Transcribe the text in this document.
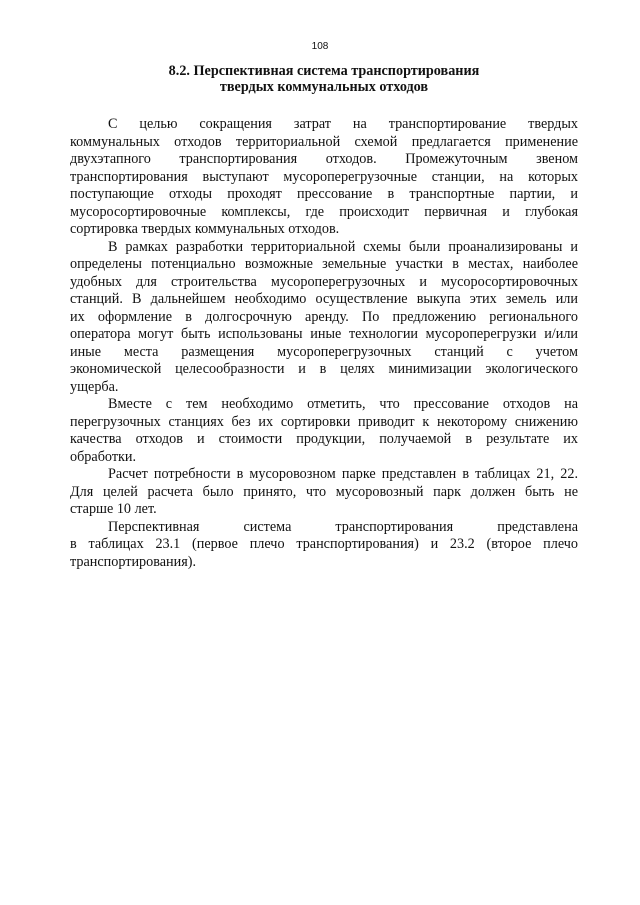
108
8.2. Перспективная система транспортирования
твердых коммунальных отходов
С целью сокращения затрат на транспортирование твердых
коммунальных отходов территориальной схемой предлагается применение
двухэтапного транспортирования отходов. Промежуточным звеном
транспортирования выступают мусороперегрузочные станции, на которых
поступающие отходы проходят прессование в транспортные партии, и
мусоросортировочные комплексы, где происходит первичная и глубокая
сортировка твердых коммунальных отходов.
В рамках разработки территориальной схемы были проанализированы и
определены потенциально возможные земельные участки в местах, наиболее
удобных для строительства мусороперегрузочных и мусоросортировочных
станций. В дальнейшем необходимо осуществление выкупа этих земель или
их оформление в долгосрочную аренду. По предложению регионального
оператора могут быть использованы иные технологии мусороперегрузки и/или
иные места размещения мусороперегрузочных станций с учетом
экономической целесообразности и в целях минимизации экологического
ущерба.
Вместе с тем необходимо отметить, что прессование отходов на
перегрузочных станциях без их сортировки приводит к некоторому снижению
качества отходов и стоимости продукции, получаемой в результате их
обработки.
Расчет потребности в мусоровозном парке представлен в таблицах 21, 22.
Для целей расчета было принято, что мусоровозный парк должен быть не
старше 10 лет.
Перспективная система транспортирования представлена
в таблицах 23.1 (первое плечо транспортирования) и 23.2 (второе плечо
транспортирования).
